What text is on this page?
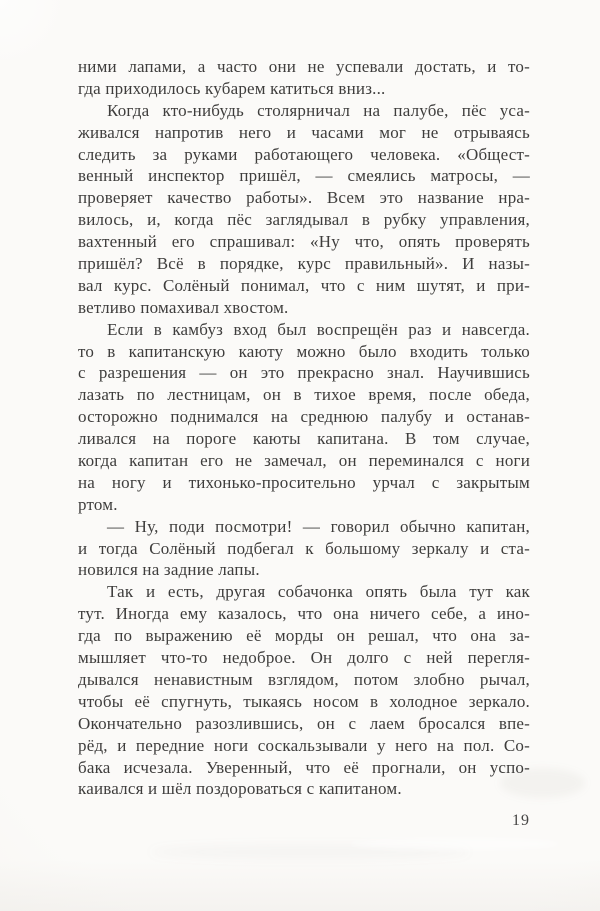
ними лапами, а часто они не успевали достать, и то-
гда приходилось кубарем катиться вниз...
Когда кто-нибудь столярничал на палубе, пёс уса-
живался напротив него и часами мог не отрываясь
следить за руками работающего человека. «Общест-
венный инспектор пришёл, — смеялись матросы, —
проверяет качество работы». Всем это название нра-
вилось, и, когда пёс заглядывал в рубку управления,
вахтенный его спрашивал: «Ну что, опять проверять
пришёл? Всё в порядке, курс правильный». И назы-
вал курс. Солёный понимал, что с ним шутят, и при-
ветливо помахивал хвостом.
Если в камбуз вход был воспрещён раз и навсегда.
то в капитанскую каюту можно было входить только
с разрешения — он это прекрасно знал. Научившись
лазать по лестницам, он в тихое время, после обеда,
осторожно поднимался на среднюю палубу и останав-
ливался на пороге каюты капитана. В том случае,
когда капитан его не замечал, он переминался с ноги
на ногу и тихонько-просительно урчал с закрытым
ртом.
— Ну, поди посмотри! — говорил обычно капитан,
и тогда Солёный подбегал к большому зеркалу и ста-
новился на задние лапы.
Так и есть, другая собачонка опять была тут как
тут. Иногда ему казалось, что она ничего себе, а ино-
гда по выражению её морды он решал, что она за-
мышляет что-то недоброе. Он долго с ней перегля-
дывался ненавистным взглядом, потом злобно рычал,
чтобы её спугнуть, тыкаясь носом в холодное зеркало.
Окончательно разозлившись, он с лаем бросался впе-
рёд, и передние ноги соскальзывали у него на пол. Со-
бака исчезала. Уверенный, что её прогнали, он успо-
каивался и шёл поздороваться с капитаном.
19
